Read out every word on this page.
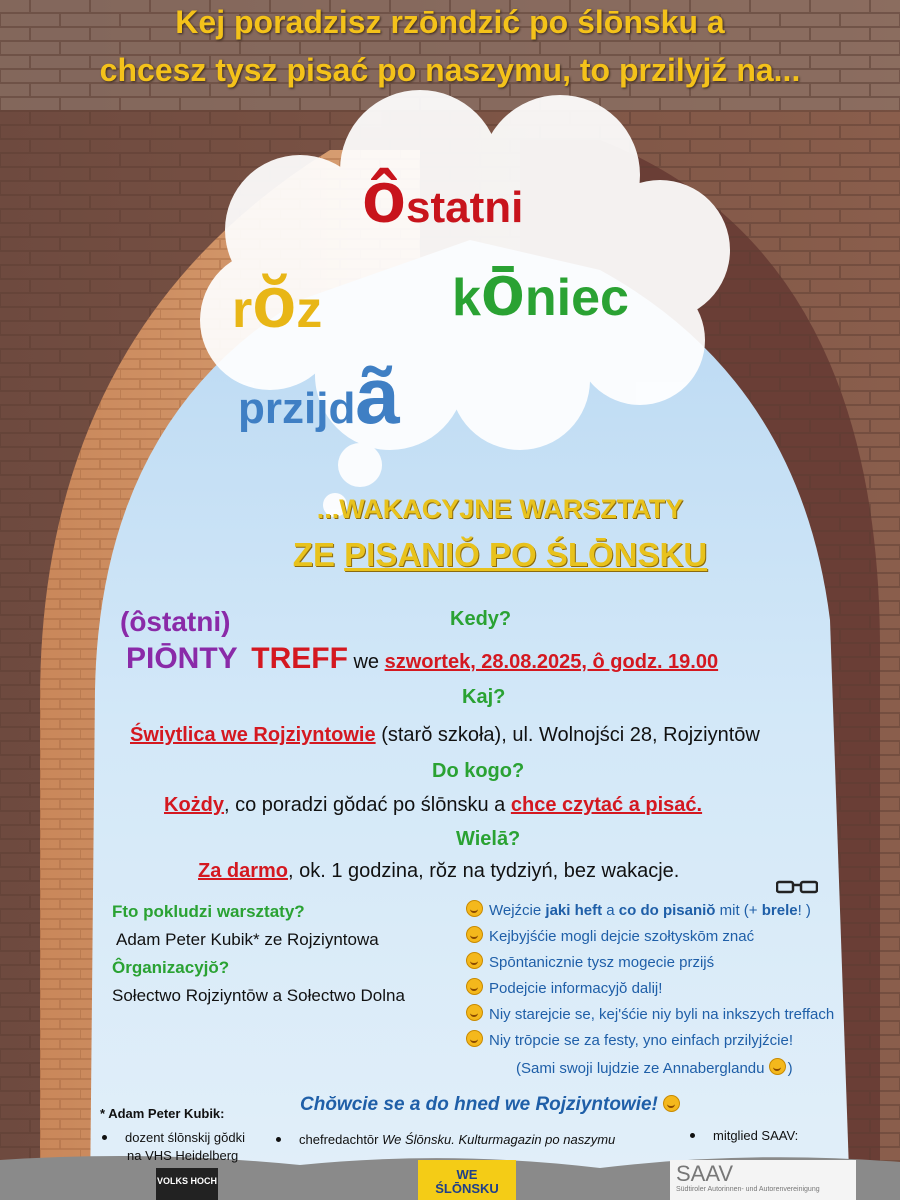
Kej poradzisz rzōndzić po ślōnsku a
chcesz tysz pisać po naszymu, to przilyjź na...
ôstatni
rŏz kōniec
przijdã
...WAKACYJNE WARSZTATY
ZE PISANIŎ PO ŚLŌNSKU
Kedy?
(ôstatni)
PIŌNTY TREFF we szwortek, 28.08.2025, ô godz. 19.00
Kaj?
Świytlica we Rojziyntowie (starŏ szkoła), ul. Wolnojści 28, Rojziyntōw
Do kogo?
Kożdy, co poradzi gŏdać po ślōnsku a chce czytać a pisać.
Wielā?
Za darmo, ok. 1 godzina, rŏz na tydziyń, bez wakacje.
Fto pokludzi warsztaty?
Adam Peter Kubik* ze Rojziyntowa
Ôrganizacyjŏ?
Sołectwo Rojziyntōw a Sołectwo Dolna
Wejźcie jaki heft a co do pisaniŏ mit (+ brele! )
Kejbyjśćie mogli dejcie szołtyskōm znać
Spōntanicznie tysz mogecie przijś
Podejcie informacyjŏ dalij!
Niy starejcie se, kej'śćie niy byli na inkszych treffach
Niy trōpcie se za festy, yno einfach przilyjźcie!
(Sami swoji lujdzie ze Annaberglandu )
Chŏwcie se a do hned we Rojziyntowie!
* Adam Peter Kubik:
dozent ślōnskij gŏdki
na VHS Heidelberg
chefredachtōr We Ślōnsku. Kulturmagazin po naszymu	mitglied SAAV:
VOLKS HOCH	WE
ŚLŌNSKU
SAAV
Südtiroler Autorinnen- und Autorenvereinigung
